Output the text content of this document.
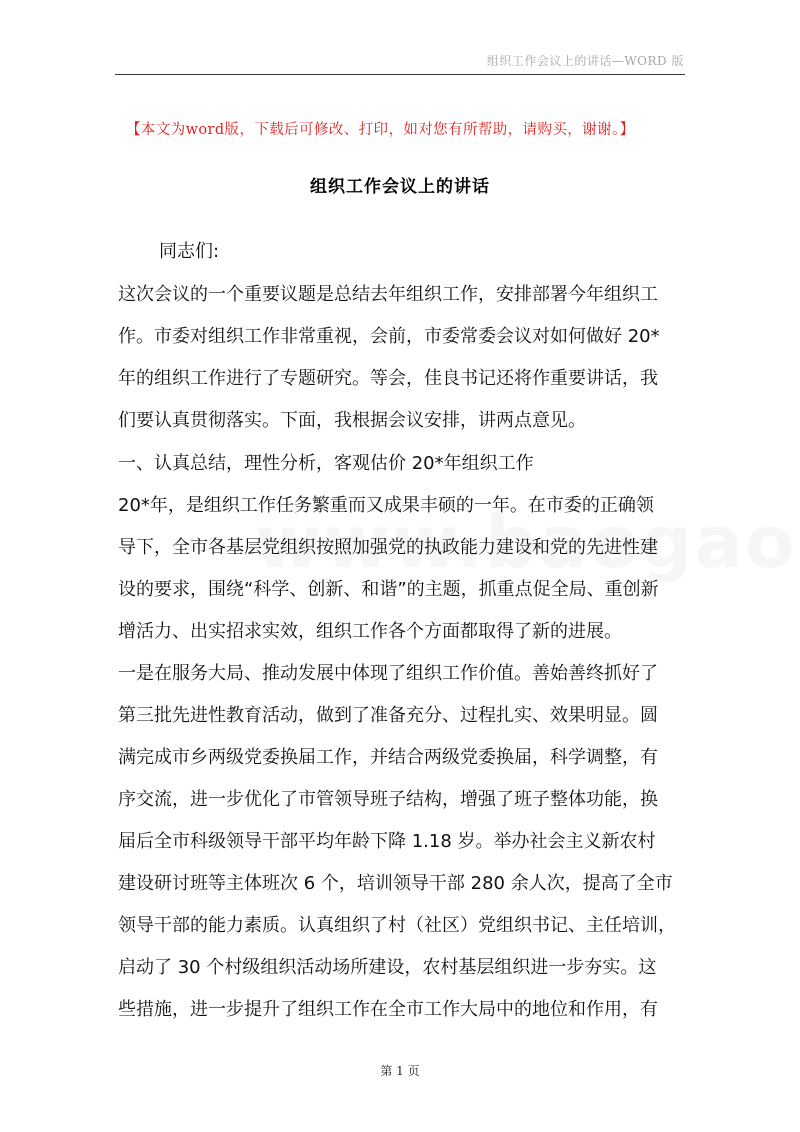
组织工作会议上的讲话—WORD 版
【本文为word版，下载后可修改、打印，如对您有所帮助，请购买，谢谢。】
组织工作会议上的讲话
同志们:
这次会议的一个重要议题是总结去年组织工作，安排部署今年组织工
作。市委对组织工作非常重视，会前，市委常委会议对如何做好 20*
年的组织工作进行了专题研究。等会，佳良书记还将作重要讲话，我
们要认真贯彻落实。下面，我根据会议安排，讲两点意见。
一、认真总结，理性分析，客观估价 20*年组织工作
20*年，是组织工作任务繁重而又成果丰硕的一年。在市委的正确领
导下，全市各基层党组织按照加强党的执政能力建设和党的先进性建
设的要求，围绕“科学、创新、和谐”的主题，抓重点促全局、重创新
增活力、出实招求实效，组织工作各个方面都取得了新的进展。
一是在服务大局、推动发展中体现了组织工作价值。善始善终抓好了
第三批先进性教育活动，做到了准备充分、过程扎实、效果明显。圆
满完成市乡两级党委换届工作，并结合两级党委换届，科学调整，有
序交流，进一步优化了市管领导班子结构，增强了班子整体功能，换
届后全市科级领导干部平均年龄下降 1.18 岁。举办社会主义新农村
建设研讨班等主体班次 6 个，培训领导干部 280 余人次，提高了全市
领导干部的能力素质。认真组织了村（社区）党组织书记、主任培训，
启动了 30 个村级组织活动场所建设，农村基层组织进一步夯实。这
些措施，进一步提升了组织工作在全市工作大局中的地位和作用，有
第 1 页
